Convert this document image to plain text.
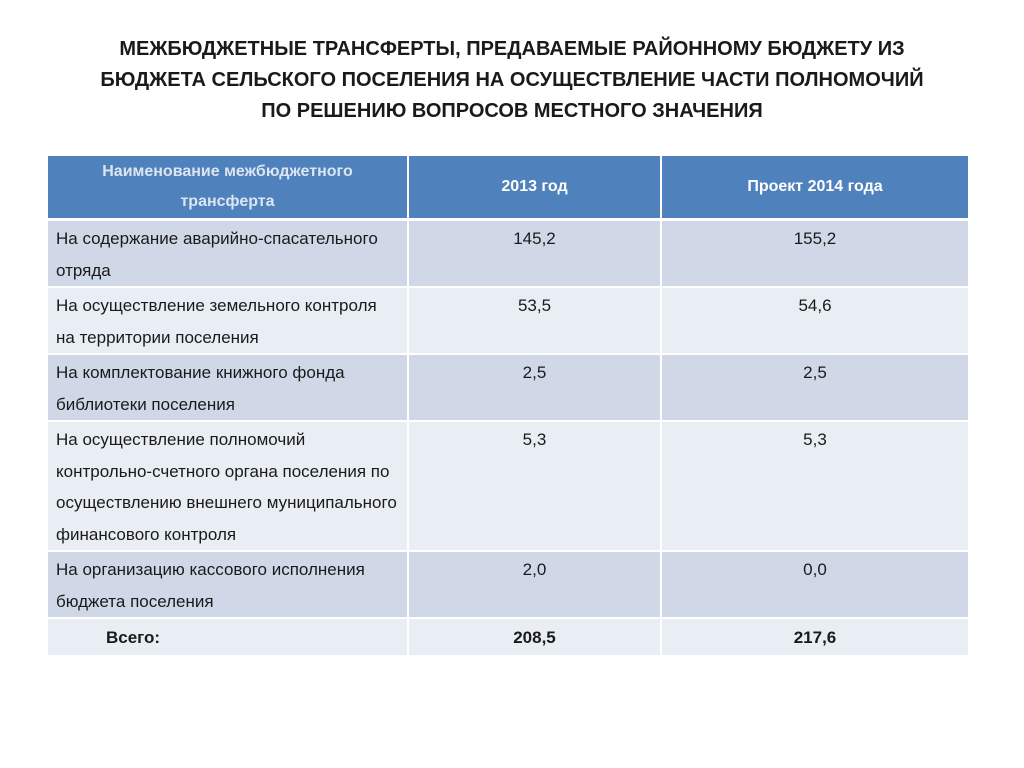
МЕЖБЮДЖЕТНЫЕ ТРАНСФЕРТЫ, ПРЕДАВАЕМЫЕ РАЙОННОМУ БЮДЖЕТУ ИЗ
БЮДЖЕТА СЕЛЬСКОГО ПОСЕЛЕНИЯ НА ОСУЩЕСТВЛЕНИЕ ЧАСТИ ПОЛНОМОЧИЙ
ПО РЕШЕНИЮ ВОПРОСОВ МЕСТНОГО ЗНАЧЕНИЯ
Наименование межбюджетного трансферта	2013 год	Проект 2014 года
На содержание аварийно-спасательного отряда	145,2	155,2
На осуществление земельного контроля на территории поселения	53,5	54,6
На комплектование книжного фонда библиотеки поселения	2,5	2,5
На осуществление полномочий контрольно-счетного органа поселения по осуществлению внешнего муниципального финансового контроля	5,3	5,3
На организацию кассового исполнения бюджета поселения	2,0	0,0
Всего:	208,5	217,6
